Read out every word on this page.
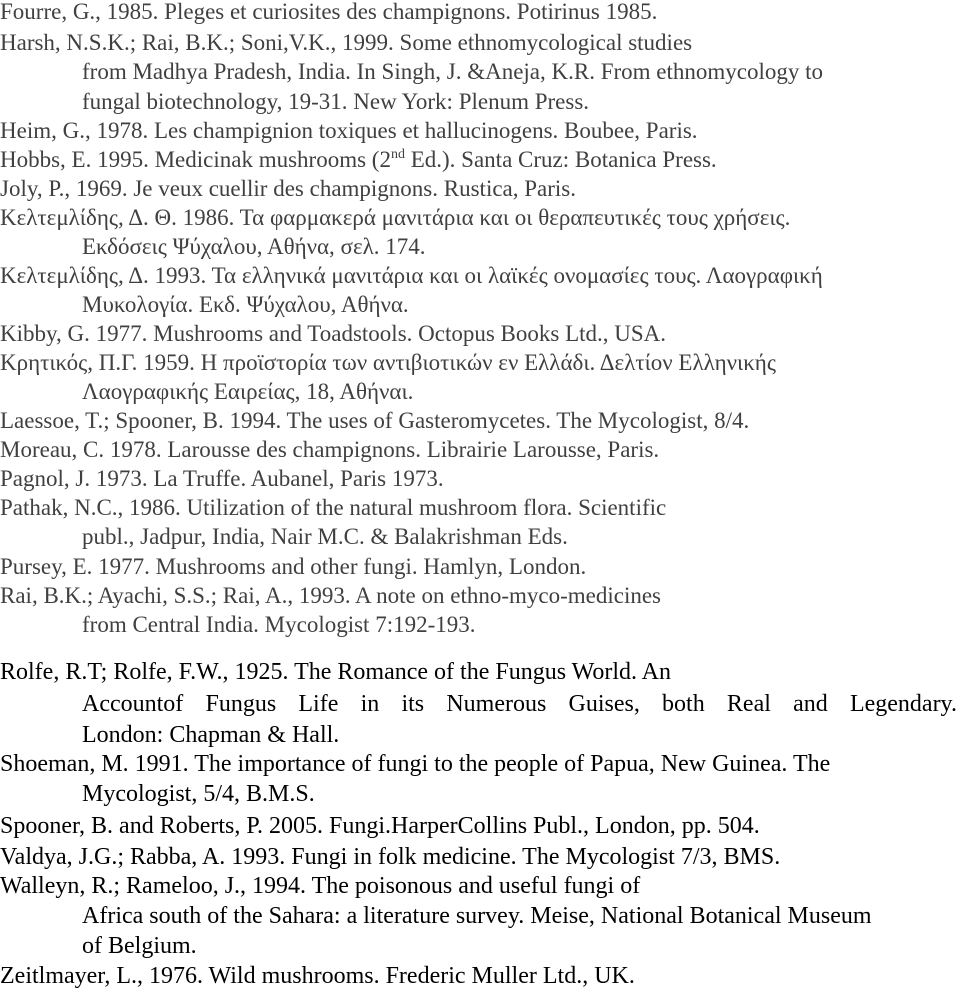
Fourre, G., 1985. Pleges et curiosites des champignons. Potirinus 1985.
Harsh, N.S.K.; Rai, B.K.; Soni,V.K., 1999. Some ethnomycological studies
from Madhya Pradesh, India. In Singh, J. &Aneja, K.R. From ethnomycology to
fungal biotechnology, 19-31. New York: Plenum Press.
Heim, G., 1978. Les champignion toxiques et hallucinogens. Boubee, Paris.
Hobbs, E. 1995. Medicinak mushrooms (2nd Ed.). Santa Cruz: Botanica Press.
Joly, P., 1969. Je veux cuellir des champignons. Rustica, Paris.
Κελτεμλίδης, Δ. Θ. 1986. Τα φαρμακερά μανιτάρια και οι θεραπευτικές τους χρήσεις.
Εκδόσεις Ψύχαλου, Αθήνα, σελ. 174.
Κελτεμλίδης, Δ. 1993. Τα ελληνικά μανιτάρια και οι λαϊκές ονομασίες τους. Λαογραφική
Μυκολογία. Εκδ. Ψύχαλου, Αθήνα.
Kibby, G. 1977. Mushrooms and Toadstools. Octopus Books Ltd., USA.
Κρητικός, Π.Γ. 1959. Η προϊστορία των αντιβιοτικών εν Ελλάδι. Δελτίον Ελληνικής
Λαογραφικής Εαιρείας, 18, Αθήναι.
Laessoe, T.; Spooner, B. 1994. The uses of Gasteromycetes. The Mycologist, 8/4.
Moreau, C. 1978. Larousse des champignons. Librairie Larousse, Paris.
Pagnol, J. 1973. La Truffe. Aubanel, Paris 1973.
Pathak, N.C., 1986. Utilization of the natural mushroom flora. Scientific
publ., Jadpur, India, Nair M.C. & Balakrishman Eds.
Pursey, E. 1977. Mushrooms and other fungi. Hamlyn, London.
Rai, B.K.; Ayachi, S.S.; Rai, A., 1993. A note on ethno-myco-medicines
from Central India. Mycologist 7:192-193.
Rolfe, R.T; Rolfe, F.W., 1925. The Romance of the Fungus World. An
Accountof Fungus Life in its Numerous Guises, both Real and Legendary.
London: Chapman & Hall.
Shoeman, M. 1991. The importance of fungi to the people of Papua, New Guinea. The
Mycologist, 5/4, B.M.S.
Spooner, B. and Roberts, P. 2005. Fungi.HarperCollins Publ., London, pp. 504.
Valdya, J.G.; Rabba, A. 1993. Fungi in folk medicine. The Mycologist 7/3, BMS.
Walleyn, R.; Rameloo, J., 1994. The poisonous and useful fungi of
Africa south of the Sahara: a literature survey. Meise, National Botanical Museum
of Belgium.
Zeitlmayer, L., 1976. Wild mushrooms. Frederic Muller Ltd., UK.
